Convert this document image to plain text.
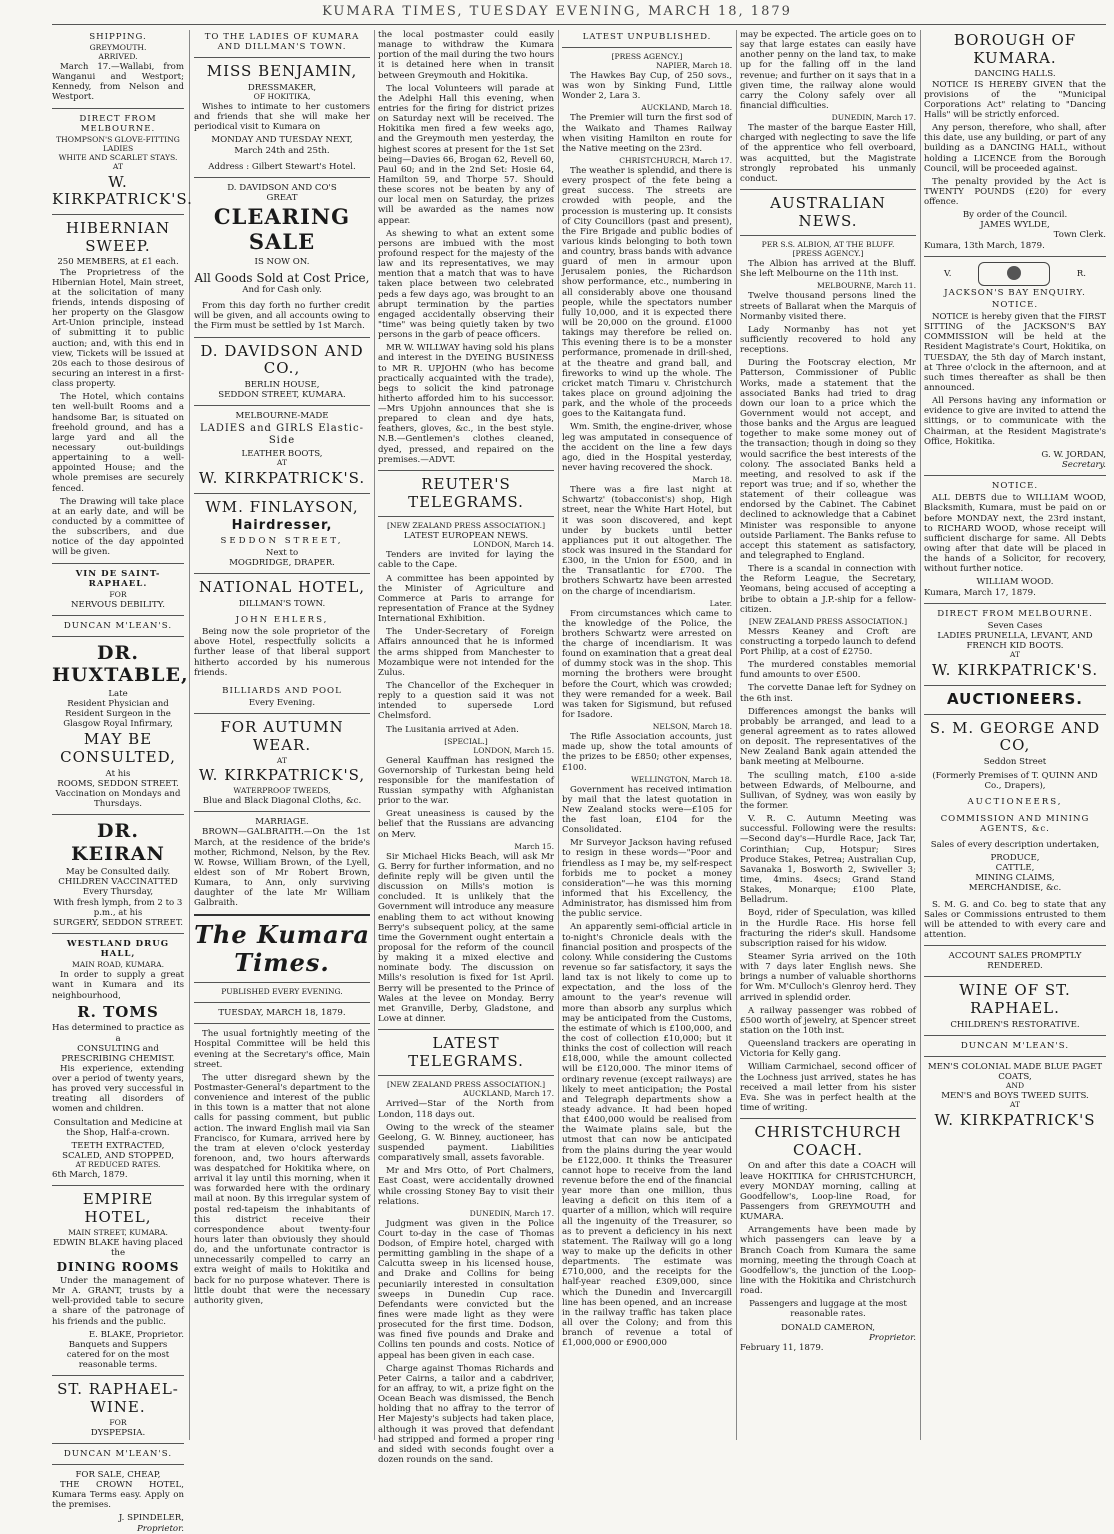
KUMARA TIMES, TUESDAY EVENING, MARCH 18, 1879
SHIPPING.
GREYMOUTH.
ARRIVED.

March 17.—Wallabi, from Wanganui and Westport; Kennedy, from Nelson and Westport.

DIRECT FROM MELBOURNE.
THOMPSON'S GLOVE-FITTING LADIES
WHITE AND SCARLET STAYS.
AT
W. KIRKPATRICK'S.
HIBERNIAN SWEEP.
250 MEMBERS, at £1 each.

The Proprietress of the Hibernian Hotel, Main street, at the solicitation of many friends, intends disposing of her property on the Glasgow Art-Union principle, instead of submitting it to public auction; and, with this end in view, Tickets will be issued at 20s each to those desirous of securing an interest in a first-class property.

The Hotel, which contains ten well-built Rooms and a handsome Bar, is situated on freehold ground, and has a large yard and all the necessary out-buildings appertaining to a well-appointed House; and the whole premises are securely fenced.

The Drawing will take place at an early date, and will be conducted by a committee of the subscribers, and due notice of the day appointed will be given.

VIN DE SAINT-RAPHAEL.
FOR
NERVOUS DEBILITY.
DUNCAN M'LEAN'S.
DR. HUXTABLE,
Late
Resident Physician and Resident Surgeon in the Glasgow Royal Infirmary,
MAY BE CONSULTED,
At his
ROOMS, SEDDON STREET.

Vaccination on Mondays and Thursdays.

DR. KEIRAN
May be Consulted daily.
CHILDREN VACCINATTED
Every Thursday,
With fresh lymph, from 2 to 3 p.m., at his
SURGERY, SEDDON STREET.
WESTLAND DRUG HALL,
MAIN ROAD, KUMARA.

In order to supply a great want in Kumara and its neighbourhood,

R. TOMS
Has determined to practice as a
CONSULTING and PRESCRIBING CHEMIST.

His experience, extending over a period of twenty years, has proved very successful in treating all disorders of women and children.

Consultation and Medicine at the Shop, Half-a-crown.

TEETH EXTRACTED, SCALED, AND STOPPED,
AT REDUCED RATES.
6th March, 1879.
EMPIRE HOTEL,
MAIN STREET, KUMARA.
EDWIN BLAKE having placed the
DINING ROOMS

Under the management of Mr A. GRANT, trusts by a well-provided table to secure a share of the patronage of his friends and the public.

E. BLAKE, Proprietor.

Banquets and Suppers catered for on the most reasonable terms.

ST. RAPHAEL-WINE.
FOR
DYSPEPSIA.
DUNCAN M'LEAN'S.
FOR SALE, CHEAP,

THE CROWN HOTEL, Kumara Terms easy. Apply on the premises.

J. SPINDELER,
Proprietor.
TO THE LADIES OF KUMARA AND DILLMAN'S TOWN.
MISS BENJAMIN,
DRESSMAKER,
OF HOKITIKA,

Wishes to intimate to her customers and friends that she will make her periodical visit to Kumara on

MONDAY AND TUESDAY NEXT,
March 24th and 25th.

Address : Gilbert Stewart's Hotel.

D. DAVIDSON AND CO'S
GREAT
CLEARING SALE
IS NOW ON.
All Goods Sold at Cost Price,
And for Cash only.

From this day forth no further credit will be given, and all accounts owing to the Firm must be settled by 1st March.

D. DAVIDSON AND CO.,
BERLIN HOUSE,
SEDDON STREET, KUMARA.
MELBOURNE-MADE
LADIES and GIRLS Elastic-Side
LEATHER BOOTS,
AT
W. KIRKPATRICK'S.
WM. FINLAYSON,
Hairdresser,
SEDDON STREET,
Next to
MOGDRIDGE, DRAPER.
NATIONAL HOTEL,
DILLMAN'S TOWN.
JOHN EHLERS,

Being now the sole proprietor of the above Hotel, respectfully solicits a further lease of that liberal support hitherto accorded by his numerous friends.

BILLIARDS AND POOL
Every Evening.
FOR AUTUMN WEAR.
AT
W. KIRKPATRICK'S,
WATERPROOF TWEEDS,
Blue and Black Diagonal Cloths, &c.
MARRIAGE.

BROWN—GALBRAITH.—On the 1st March, at the residence of the bride's mother, Richmond, Nelson, by the Rev. W. Rowse, William Brown, of the Lyell, eldest son of Mr Robert Brown, Kumara, to Ann, only surviving daughter of the late Mr William Galbraith.

The Kumara Times.
PUBLISHED EVERY EVENING.
TUESDAY, MARCH 18, 1879.

The usual fortnightly meeting of the Hospital Committee will be held this evening at the Secretary's office, Main street.

The utter disregard shewn by the Postmaster-General's department to the convenience and interest of the public in this town is a matter that not alone calls for passing comment, but public action. The inward English mail via San Francisco, for Kumara, arrived here by the tram at eleven o'clock yesterday forenoon, and, two hours afterwards was despatched for Hokitika where, on arrival it lay until this morning, when it was forwarded here with the ordinary mail at noon. By this irregular system of postal red-tapeism the inhabitants of this district receive their correspondence about twenty-four hours later than obviously they should do, and the unfortunate contractor is unnecessarily compelled to carry an extra weight of mails to Hokitika and back for no purpose whatever. There is little doubt that were the necessary authority given,

the local postmaster could easily manage to withdraw the Kumara portion of the mail during the two hours it is detained here when in transit between Greymouth and Hokitika.

The local Volunteers will parade at the Adelphi Hall this evening, when entries for the firing for district prizes on Saturday next will be received. The Hokitika men fired a few weeks ago, and the Greymouth men yesterday, the highest scores at present for the 1st Set being—Davies 66, Brogan 62, Revell 60, Paul 60; and in the 2nd Set: Hosie 64, Hamilton 59, and Thorpe 57. Should these scores not be beaten by any of our local men on Saturday, the prizes will be awarded as the names now appear.

As shewing to what an extent some persons are imbued with the most profound respect for the majesty of the law and its representatives, we may mention that a match that was to have taken place between two celebrated peds a few days ago, was brought to an abrupt termination by the parties engaged accidentally observing their "time" was being quietly taken by two persons in the garb of peace officers.

MR W. WILLWAY having sold his plans and interest in the DYEING BUSINESS to MR R. UPJOHN (who has become practically acquainted with the trade), begs to solicit the kind patronage hitherto afforded him to his successor.—Mrs Upjohn announces that she is prepared to clean and dye hats, feathers, gloves, &c., in the best style. N.B.—Gentlemen's clothes cleaned, dyed, pressed, and repaired on the premises.—ADVT.

REUTER'S TELEGRAMS.
[NEW ZEALAND PRESS ASSOCIATION.]
LATEST EUROPEAN NEWS.
LONDON, March 14.

Tenders are invited for laying the cable to the Cape.

A committee has been appointed by the Minister of Agriculture and Commerce at Paris to arrange for representation of France at the Sydney International Exhibition.

The Under-Secretary of Foreign Affairs announced that he is informed the arms shipped from Manchester to Mozambique were not intended for the Zulus.

The Chancellor of the Exchequer in reply to a question said it was not intended to supersede Lord Chelmsford.

The Lusitania arrived at Aden.

[SPECIAL.]
LONDON, March 15.

General Kauffman has resigned the Governorship of Turkestan being held responsible for the manifestation of Russian sympathy with Afghanistan prior to the war.

Great uneasiness is caused by the belief that the Russians are advancing on Merv.

March 15.

Sir Michael Hicks Beach, will ask Mr G. Berry for further information, and no definite reply will be given until the discussion on Mills's motion is concluded. It is unlikely that the Government will introduce any measure enabling them to act without knowing Berry's subsequent policy, at the same time the Government ought entertain a proposal for the reform of the council by making it a mixed elective and nominate body. The discussion on Mills's resolution is fixed for 1st April. Berry will be presented to the Prince of Wales at the levee on Monday. Berry met Granville, Derby, Gladstone, and Lowe at dinner.

LATEST TELEGRAMS.
[NEW ZEALAND PRESS ASSOCIATION.]
AUCKLAND, March 17.

Arrived—Star of the North from London, 118 days out.

Owing to the wreck of the steamer Geelong, G. W. Binney, auctioneer, has suspended payment. Liabilities comparatively small, assets favorable.

Mr and Mrs Otto, of Port Chalmers, East Coast, were accidentally drowned while crossing Stoney Bay to visit their relations.

DUNEDIN, March 17.

Judgment was given in the Police Court to-day in the case of Thomas Dodson, of Empire hotel, charged with permitting gambling in the shape of a Calcutta sweep in his licensed house, and Drake and Collins for being pecuniarily interested in consultation sweeps in Dunedin Cup race. Defendants were convicted but the fines were made light as they were prosecuted for the first time. Dodson, was fined five pounds and Drake and Collins ten pounds and costs. Notice of appeal has been given in each case.

Charge against Thomas Richards and Peter Cairns, a tailor and a cabdriver, for an affray, to wit, a prize fight on the Ocean Beach was dismissed, the Bench holding that no affray to the terror of Her Majesty's subjects had taken place, although it was proved that defendant had stripped and formed a proper ring and sided with seconds fought over a dozen rounds on the sand.

LATEST UNPUBLISHED.
[PRESS AGENCY.]
NAPIER, March 18.

The Hawkes Bay Cup, of 250 sovs., was won by Sinking Fund, Little Wonder 2, Lara 3.

AUCKLAND, March 18.

The Premier will turn the first sod of the Waikato and Thames Railway when visiting Hamilton en route for the Native meeting on the 23rd.

CHRISTCHURCH, March 17.

The weather is splendid, and there is every prospect of the fete being a great success. The streets are crowded with people, and the procession is mustering up. It consists of City Councillors (past and present), the Fire Brigade and public bodies of various kinds belonging to both town and country, brass bands with advance guard of men in armour upon Jerusalem ponies, the Richardson show performance, etc., numbering in all considerably above one thousand people, while the spectators number fully 10,000, and it is expected there will be 20,000 on the ground. £1000 takings may therefore be relied on. This evening there is to be a monster performance, promenade in drill-shed, at the theatre and grand ball, and fireworks to wind up the whole. The cricket match Timaru v. Christchurch takes place on ground adjoining the park, and the whole of the proceeds goes to the Kaitangata fund.

Wm. Smith, the engine-driver, whose leg was amputated in consequence of the accident on the line a few days ago, died in the Hospital yesterday, never having recovered the shock.

March 18.

There was a fire last night at Schwartz' (tobacconist's) shop, High street, near the White Hart Hotel, but it was soon discovered, and kept under by buckets until better appliances put it out altogether. The stock was insured in the Standard for £300, in the Union for £500, and in the Transatlantic for £700. The brothers Schwartz have been arrested on the charge of incendiarism.

Later.

From circumstances which came to the knowledge of the Police, the brothers Schwartz were arrested on the charge of incendiarism. It was found on examination that a great deal of dummy stock was in the shop. This morning the brothers were brought before the Court, which was crowded; they were remanded for a week. Bail was taken for Sigismund, but refused for Isadore.

NELSON, March 18.

The Rifle Association accounts, just made up, show the total amounts of the prizes to be £850; other expenses, £100.

WELLINGTON, March 18.

Government has received intimation by mail that the latest quotation in New Zealand stocks were—£105 for the fast loan, £104 for the Consolidated.

Mr Surveyor Jackson having refused to resign in these words—"Poor and friendless as I may be, my self-respect forbids me to pocket a money consideration"—he was this morning informed that his Excellency, the Administrator, has dismissed him from the public service.

An apparently semi-official article in to-night's Chronicle deals with the financial position and prospects of the colony. While considering the Customs revenue so far satisfactory, it says the land tax is not likely to come up to expectation, and the loss of the amount to the year's revenue will more than absorb any surplus which may be anticipated from the Customs, the estimate of which is £100,000, and the cost of collection £10,000; but it thinks the cost of collection will reach £18,000, while the amount collected will be £120,000. The minor items of ordinary revenue (except railways) are likely to meet anticipation; the Postal and Telegraph departments show a steady advance. It had been hoped that £400,000 would be realised from the Waimate plains sale, but the utmost that can now be anticipated from the plains during the year would be £122,000. It thinks the Treasurer cannot hope to receive from the land revenue before the end of the financial year more than one million, thus leaving a deficit on this item of a quarter of a million, which will require all the ingenuity of the Treasurer, so as to prevent a deficiency in his next statement. The Railway will go a long way to make up the deficits in other departments. The estimate was £710,000, and the receipts for the half-year reached £309,000, since which the Dunedin and Invercargill line has been opened, and an increase in the railway traffic has taken place all over the Colony; and from this branch of revenue a total of £1,000,000 or £900,000

may be expected. The article goes on to say that large estates can easily have another penny on the land tax, to make up for the falling off in the land revenue; and further on it says that in a given time, the railway alone would carry the Colony safely over all financial difficulties.

DUNEDIN, March 17.

The master of the barque Easter Hill, charged with neglecting to save the life of the apprentice who fell overboard, was acquitted, but the Magistrate strongly reprobated his unmanly conduct.

AUSTRALIAN NEWS.
PER S.S. ALBION, AT THE BLUFF.
[PRESS AGENCY.]

The Albion has arrived at the Bluff. She left Melbourne on the 11th inst.

MELBOURNE, March 11.

Twelve thousand persons lined the streets of Ballarat when the Marquis of Normanby visited there.

Lady Normanby has not yet sufficiently recovered to hold any receptions.

During the Footscray election, Mr Patterson, Commissioner of Public Works, made a statement that the associated Banks had tried to drag down our loan to a price which the Government would not accept, and those banks and the Argus are leagued together to make some money out of the transaction; though in doing so they would sacrifice the best interests of the colony. The associated Banks held a meeting, and resolved to ask if the report was true; and if so, whether the statement of their colleague was endorsed by the Cabinet. The Cabinet declined to acknowledge that a Cabinet Minister was responsible to anyone outside Parliament. The Banks refuse to accept this statement as satisfactory, and telegraphed to England.

There is a scandal in connection with the Reform League, the Secretary, Yeomans, being accused of accepting a bribe to obtain a J.P.-ship for a fellow-citizen.

[NEW ZEALAND PRESS ASSOCIATION.]

Messrs Keaney and Croft are constructing a torpedo launch to defend Port Philip, at a cost of £2750.

The murdered constables memorial fund amounts to over £500.

The corvette Danae left for Sydney on the 6th inst.

Differences amongst the banks will probably be arranged, and lead to a general agreement as to rates allowed on deposit. The representatives of the New Zealand Bank again attended the bank meeting at Melbourne.

The sculling match, £100 a-side between Edwards, of Melbourne, and Sullivan, of Sydney, was won easily by the former.

V. R. C. Autumn Meeting was successful. Following were the results:—Second day's—Hurdle Race, Jack Tar, Corinthian; Cup, Hotspur; Sires Produce Stakes, Petrea; Australian Cup, Savanaka 1, Bosworth 2, Swiveller 3; time, 4mins. 4secs; Grand Stand Stakes, Monarque; £100 Plate, Belladrum.

Boyd, rider of Speculation, was killed in the Hurdle Race. His horse fell fracturing the rider's skull. Handsome subscription raised for his widow.

Steamer Syria arrived on the 10th with 7 days later English news. She brings a number of valuable shorthorns for Wm. M'Culloch's Glenroy herd. They arrived in splendid order.

A railway passenger was robbed of £500 worth of jewelry, at Spencer street station on the 10th inst.

Queensland trackers are operating in Victoria for Kelly gang.

William Carmichael, second officer of the Lochness just arrived, states he has received a mail letter from his sister Eva. She was in perfect health at the time of writing.

CHRISTCHURCH COACH.

On and after this date a COACH will leave HOKITIKA for CHRISTCHURCH, every MONDAY morning, calling at Goodfellow's, Loop-line Road, for Passengers from GREYMOUTH and KUMARA.

Arrangements have been made by which passengers can leave by a Branch Coach from Kumara the same morning, meeting the through Coach at Goodfellow's, the junction of the Loop-line with the Hokitika and Christchurch road.

Passengers and luggage at the most reasonable rates.

DONALD CAMERON,
Proprietor.
February 11, 1879.
BOROUGH OF KUMARA.
DANCING HALLS.

NOTICE IS HEREBY GIVEN that the provisions of the "Municipal Corporations Act" relating to "Dancing Halls" will be strictly enforced.

Any person, therefore, who shall, after this date, use any building, or part of any building as a DANCING HALL, without holding a LICENCE from the Borough Council, will be proceeded against.

The penalty provided by the Act is TWENTY POUNDS (£20) for every offence.

By order of the Council.
JAMES WYLDE,
Town Clerk.
Kumara, 13th March, 1879.
V.	R.
JACKSON'S BAY ENQUIRY.
NOTICE.

NOTICE is hereby given that the FIRST SITTING of the JACKSON'S BAY COMMISSION will be held at the Resident Magistrate's Court, Hokitika, on TUESDAY, the 5th day of March instant, at Three o'clock in the afternoon, and at such times thereafter as shall be then announced.

All Persons having any information or evidence to give are invited to attend the sittings, or to communicate with the Chairman, at the Resident Magistrate's Office, Hokitika.

G. W. JORDAN,
Secretary.
NOTICE.

ALL DEBTS due to WILLIAM WOOD, Blacksmith, Kumara, must be paid on or before MONDAY next, the 23rd instant, to RICHARD WOOD, whose receipt will sufficient discharge for same. All Debts owing after that date will be placed in the hands of a Solicitor, for recovery, without further notice.

WILLIAM WOOD.
Kumara, March 17, 1879.
DIRECT FROM MELBOURNE.
Seven Cases
LADIES PRUNELLA, LEVANT, AND FRENCH KID BOOTS.
AT
W. KIRKPATRICK'S.
AUCTIONEERS.
S. M. GEORGE AND CO,
Seddon Street
(Formerly Premises of T. QUINN AND Co., Drapers),
AUCTIONEERS,
COMMISSION AND MINING AGENTS, &c.

Sales of every description undertaken,

PRODUCE,
CATTLE,
MINING CLAIMS,
MERCHANDISE, &c.

S. M. G. and Co. beg to state that any Sales or Commissions entrusted to them will be attended to with every care and attention.

ACCOUNT SALES PROMPTLY RENDERED.
WINE OF ST. RAPHAEL.
CHILDREN'S RESTORATIVE.
DUNCAN M'LEAN'S.
MEN'S COLONIAL MADE BLUE PAGET COATS,
AND
MEN'S and BOYS TWEED SUITS.
AT
W. KIRKPATRICK'S
